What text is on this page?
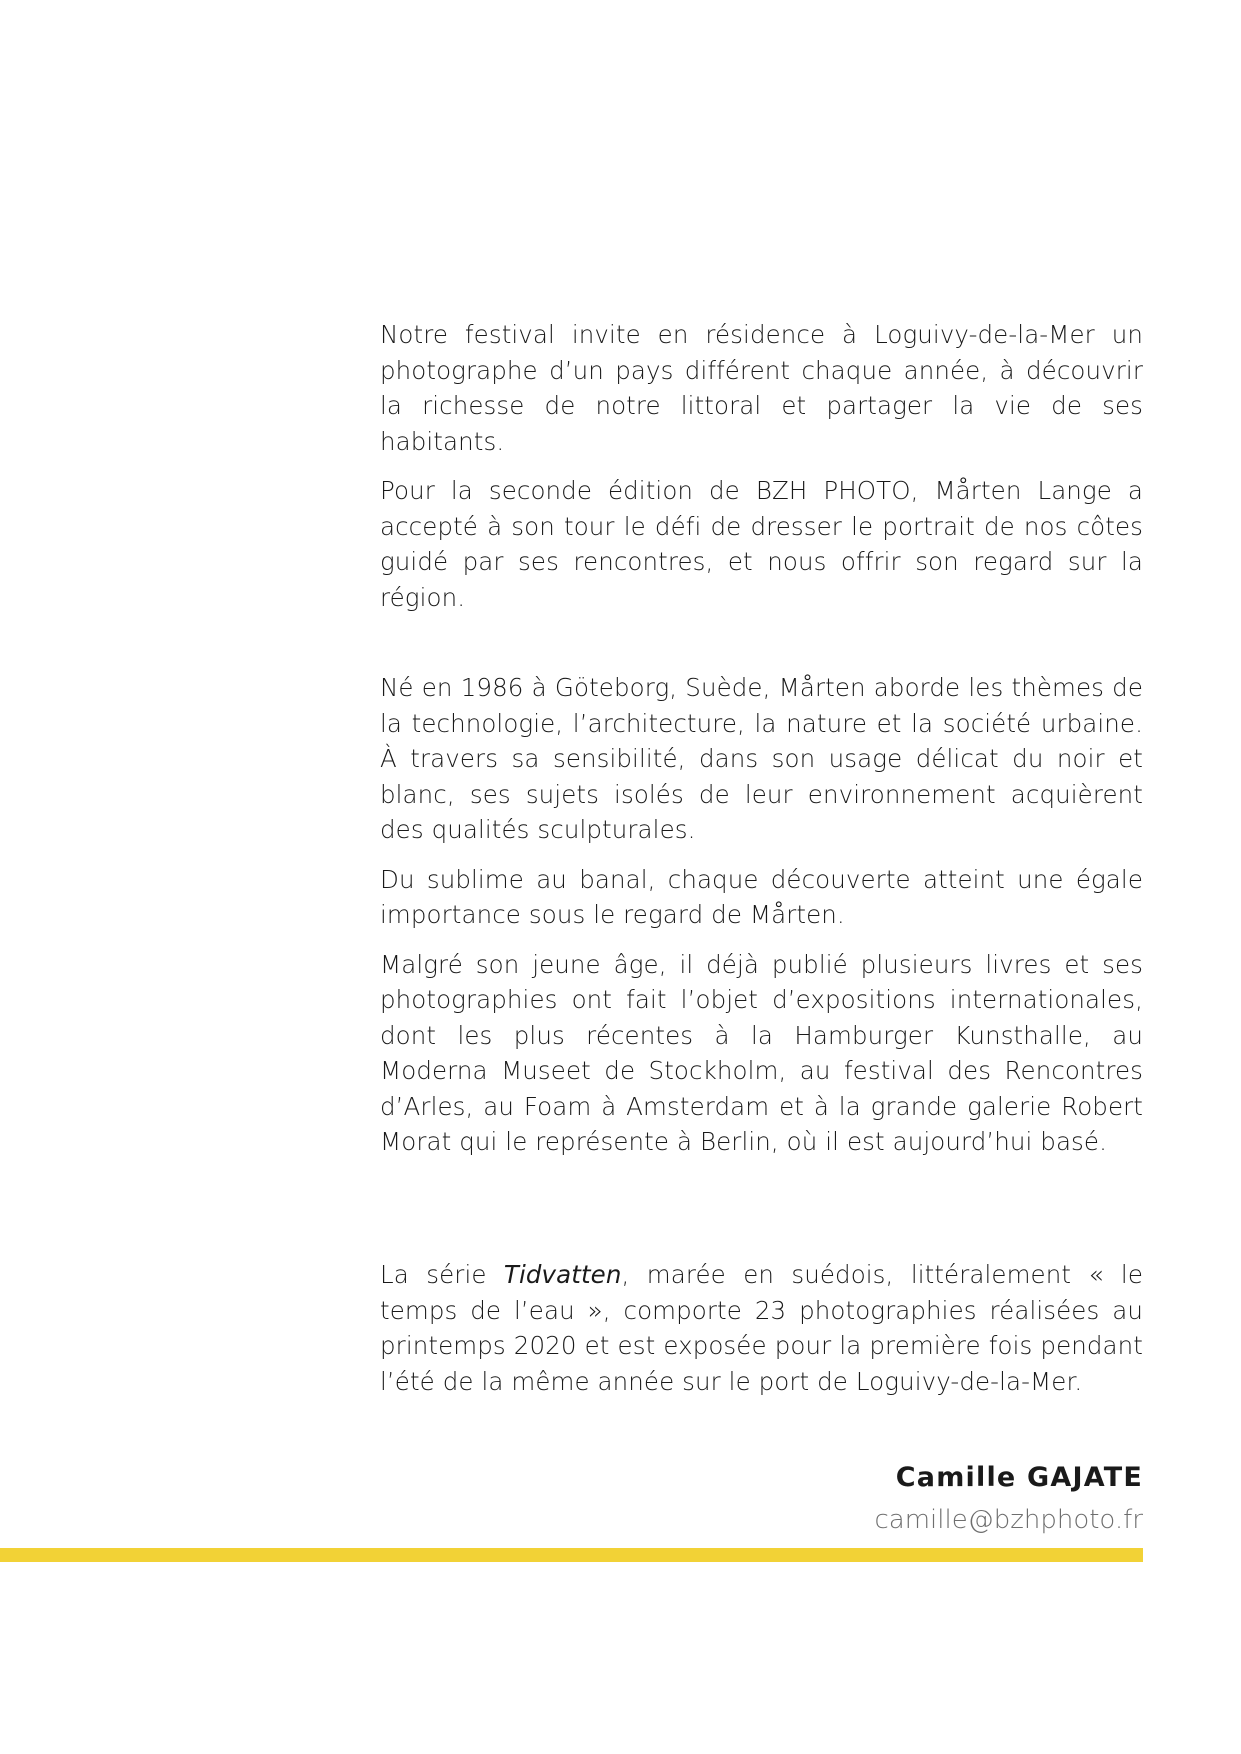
Notre festival invite en résidence à Loguivy-de-la-Mer un photographe d’un pays différent chaque année, à découvrir la richesse de notre littoral et partager la vie de ses habitants.

Pour la seconde édition de BZH PHOTO, Mårten Lange a accepté à son tour le défi de dresser le portrait de nos côtes guidé par ses rencontres, et nous offrir son regard sur la région.

Né en 1986 à Göteborg, Suède, Mårten aborde les thèmes de la technologie, l’architecture, la nature et la société urbaine. À travers sa sensibilité, dans son usage délicat du noir et blanc, ses sujets isolés de leur environnement acquièrent des qualités sculpturales.

Du sublime au banal, chaque découverte atteint une égale importance sous le regard de Mårten.

Malgré son jeune âge, il déjà publié plusieurs livres et ses photographies ont fait l’objet d’expositions internationales, dont les plus récentes à la Hamburger Kunsthalle, au Moderna Museet de Stockholm, au festival des Rencontres d’Arles, au Foam à Amsterdam et à la grande galerie Robert Morat qui le représente à Berlin, où il est aujourd’hui basé.

La série Tidvatten, marée en suédois, littéralement « le temps de l’eau », comporte 23 photographies réalisées au printemps 2020 et est exposée pour la première fois pendant l’été de la même année sur le port de Loguivy-de-la-Mer.

Camille GAJATE
camille@bzhphoto.fr
